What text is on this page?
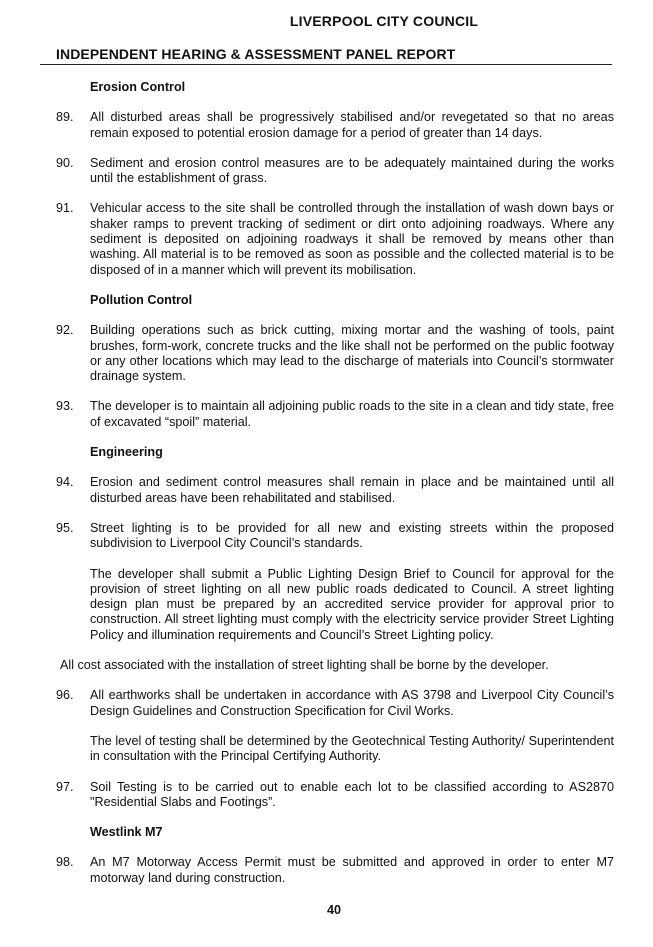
LIVERPOOL CITY COUNCIL
INDEPENDENT HEARING & ASSESSMENT PANEL REPORT
Erosion Control
89. All disturbed areas shall be progressively stabilised and/or revegetated so that no areas remain exposed to potential erosion damage for a period of greater than 14 days.
90. Sediment and erosion control measures are to be adequately maintained during the works until the establishment of grass.
91. Vehicular access to the site shall be controlled through the installation of wash down bays or shaker ramps to prevent tracking of sediment or dirt onto adjoining roadways. Where any sediment is deposited on adjoining roadways it shall be removed by means other than washing. All material is to be removed as soon as possible and the collected material is to be disposed of in a manner which will prevent its mobilisation.
Pollution Control
92. Building operations such as brick cutting, mixing mortar and the washing of tools, paint brushes, form-work, concrete trucks and the like shall not be performed on the public footway or any other locations which may lead to the discharge of materials into Council’s stormwater drainage system.
93. The developer is to maintain all adjoining public roads to the site in a clean and tidy state, free of excavated “spoil” material.
Engineering
94. Erosion and sediment control measures shall remain in place and be maintained until all disturbed areas have been rehabilitated and stabilised.
95. Street lighting is to be provided for all new and existing streets within the proposed subdivision to Liverpool City Council’s standards.
The developer shall submit a Public Lighting Design Brief to Council for approval for the provision of street lighting on all new public roads dedicated to Council. A street lighting design plan must be prepared by an accredited service provider for approval prior to construction. All street lighting must comply with the electricity service provider Street Lighting Policy and illumination requirements and Council’s Street Lighting policy.
All cost associated with the installation of street lighting shall be borne by the developer.
96. All earthworks shall be undertaken in accordance with AS 3798 and Liverpool City Council’s Design Guidelines and Construction Specification for Civil Works.
The level of testing shall be determined by the Geotechnical Testing Authority/ Superintendent in consultation with the Principal Certifying Authority.
97. Soil Testing is to be carried out to enable each lot to be classified according to AS2870 "Residential Slabs and Footings”.
Westlink M7
98. An M7 Motorway Access Permit must be submitted and approved in order to enter M7 motorway land during construction.
40
